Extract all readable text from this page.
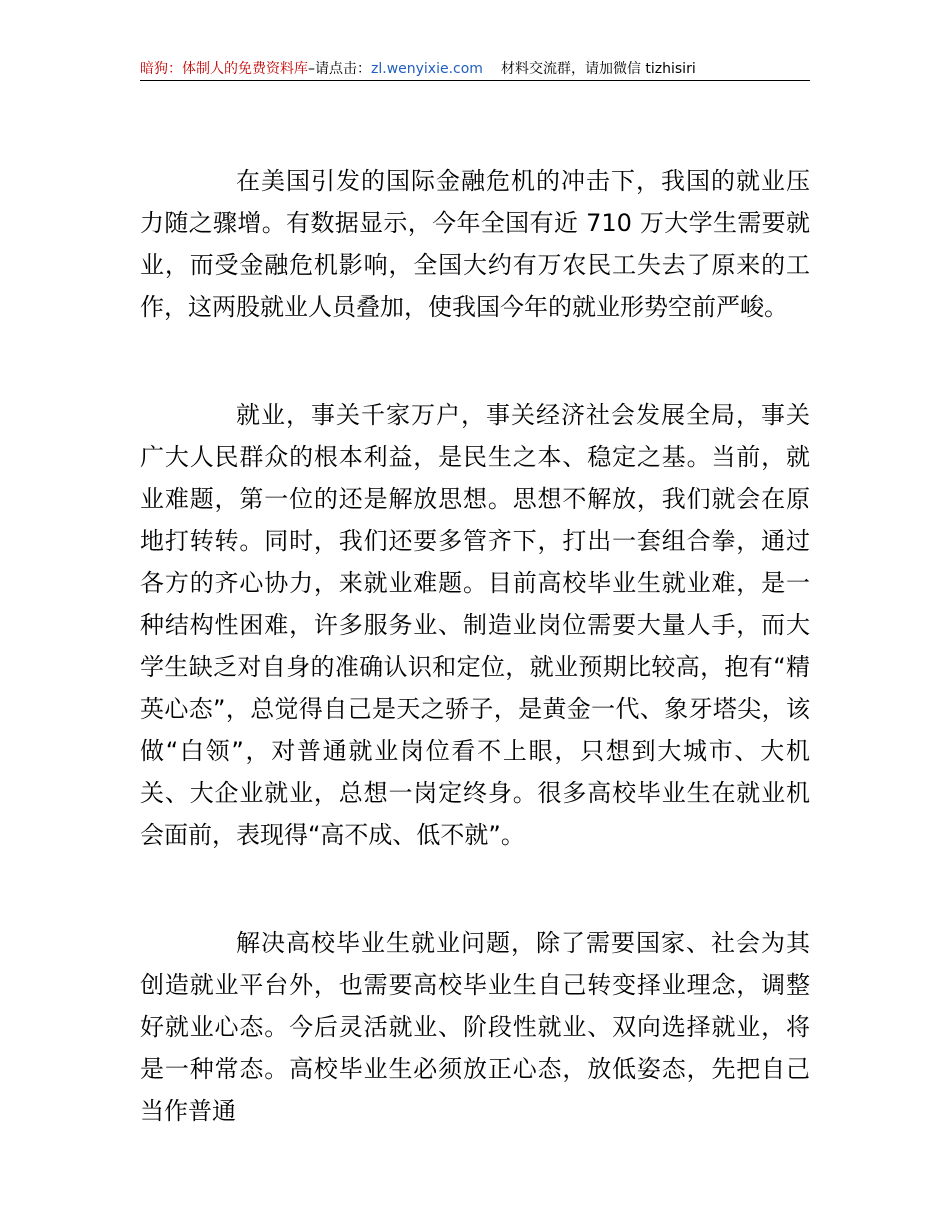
暗狗：体制人的免费资料库–请点击：zl.wenyixie.com 材料交流群，请加微信 tizhisiri

在美国引发的国际金融危机的冲击下，我国的就业压力随之骤增。有数据显示，今年全国有近 710 万大学生需要就业，而受金融危机影响，全国大约有万农民工失去了原来的工作，这两股就业人员叠加，使我国今年的就业形势空前严峻。

就业，事关千家万户，事关经济社会发展全局，事关广大人民群众的根本利益，是民生之本、稳定之基。当前，就业难题，第一位的还是解放思想。思想不解放，我们就会在原地打转转。同时，我们还要多管齐下，打出一套组合拳，通过各方的齐心协力，来就业难题。目前高校毕业生就业难，是一种结构性困难，许多服务业、制造业岗位需要大量人手，而大学生缺乏对自身的准确认识和定位，就业预期比较高，抱有“精英心态”，总觉得自己是天之骄子，是黄金一代、象牙塔尖，该做“白领”，对普通就业岗位看不上眼，只想到大城市、大机关、大企业就业，总想一岗定终身。很多高校毕业生在就业机会面前，表现得“高不成、低不就”。

解决高校毕业生就业问题，除了需要国家、社会为其创造就业平台外，也需要高校毕业生自己转变择业理念，调整好就业心态。今后灵活就业、阶段性就业、双向选择就业，将是一种常态。高校毕业生必须放正心态，放低姿态，先把自己当作普通
